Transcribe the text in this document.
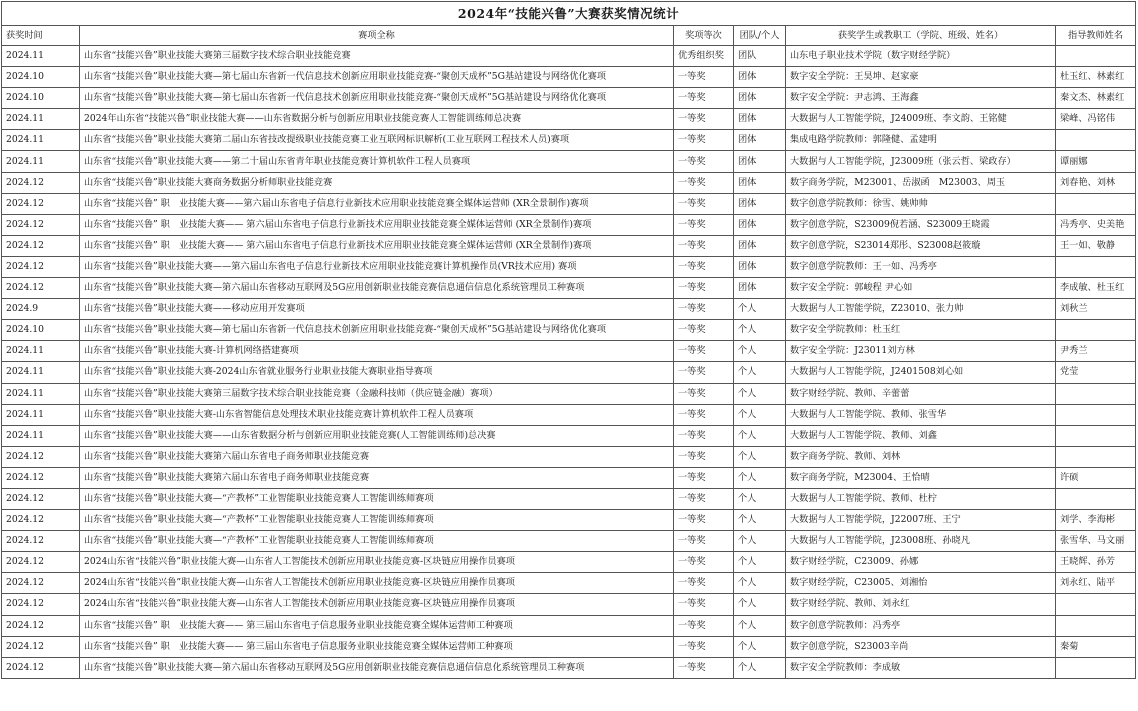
2024年“技能兴鲁”大赛获奖情况统计					
获奖时间	赛项全称	奖项等次	团队/个人	获奖学生或教职工（学院、班级、姓名）	指导教师姓名
2024.11	山东省“技能兴鲁”职业技能大赛第三届数字技术综合职业技能竞赛	优秀组织奖	团队	山东电子职业技术学院（数字财经学院）	
2024.10	山东省“技能兴鲁”职业技能大赛—第七届山东省新一代信息技术创新应用职业技能竞赛-“聚创天成杯”5G基站建设与网络优化赛项	一等奖	团体	数字安全学院：王昊坤、赵家豪	杜玉红、林素红
2024.10	山东省“技能兴鲁”职业技能大赛—第七届山东省新一代信息技术创新应用职业技能竞赛-“聚创天成杯”5G基站建设与网络优化赛项	一等奖	团体	数字安全学院：尹志鸿、王海鑫	秦文杰、林素红
2024.11	2024年山东省“技能兴鲁”职业技能大赛——山东省数据分析与创新应用职业技能竞赛人工智能训练师总决赛	一等奖	团体	大数据与人工智能学院，J24009班、李文韵、王铭健	梁峰、冯铭伟
2024.11	山东省“技能兴鲁”职业技能大赛第二届山东省技改提级职业技能竞赛工业互联网标识解析(工业互联网工程技术人员)赛项	一等奖	团体	集成电路学院教师：郭隆健、孟建明	
2024.11	山东省“技能兴鲁”职业技能大赛——第二十届山东省青年职业技能竞赛计算机软件工程人员赛项	一等奖	团体	大数据与人工智能学院，J23009班（张云哲、梁政存）	谭丽娜
2024.12	山东省“技能兴鲁”职业技能大赛商务数据分析师职业技能竞赛	一等奖	团体	数字商务学院，M23001、岳淑函　M23003、周玉	刘春艳、刘林
2024.12	山东省“技能兴鲁” 职　业技能大赛——第六届山东省电子信息行业新技术应用职业技能竞赛全媒体运营师 (XR全景制作)赛项	一等奖	团体	数字创意学院教师：徐雪、姚帅帅	
2024.12	山东省“技能兴鲁” 职　业技能大赛—— 第六届山东省电子信息行业新技术应用职业技能竞赛全媒体运营师 (XR全景制作)赛项	一等奖	团体	数字创意学院，S23009倪若涵、S23009王晓霞	冯秀亭、史美艳
2024.12	山东省“技能兴鲁” 职　业技能大赛—— 第六届山东省电子信息行业新技术应用职业技能竞赛全媒体运营师 (XR全景制作)赛项	一等奖	团体	数字创意学院，S23014郑彤、S23008赵筱璇	王一如、敬静
2024.12	山东省“技能兴鲁”职业技能大赛——第六届山东省电子信息行业新技术应用职业技能竞赛计算机操作员(VR技术应用) 赛项	一等奖	团体	数字创意学院教师：王一如、冯秀亭	
2024.12	山东省“技能兴鲁”职业技能大赛—第六届山东省移动互联网及5G应用创新职业技能竞赛信息通信信息化系统管理员工种赛项	一等奖	团体	数字安全学院：郭峻程 尹心如	李成敏、杜玉红
2024.9	山东省“技能兴鲁”职业技能大赛——移动应用开发赛项	一等奖	个人	大数据与人工智能学院，Z23010、张力帅	刘秋兰
2024.10	山东省“技能兴鲁”职业技能大赛—第七届山东省新一代信息技术创新应用职业技能竞赛-“聚创天成杯”5G基站建设与网络优化赛项	一等奖	个人	数字安全学院教师：杜玉红	
2024.11	山东省“技能兴鲁”职业技能大赛-计算机网络搭建赛项	一等奖	个人	数字安全学院：J23011刘方林	尹秀兰
2024.11	山东省“技能兴鲁”职业技能大赛-2024山东省就业服务行业职业技能大赛职业指导赛项	一等奖	个人	大数据与人工智能学院，J2401508刘心如	党莹
2024.11	山东省“技能兴鲁”职业技能大赛第三届数字技术综合职业技能竞赛（金融科技师（供应链金融）赛项）	一等奖	个人	数字财经学院、教师、辛蕾蕾	
2024.11	山东省“技能兴鲁”职业技能大赛-山东省智能信息处理技术职业技能竞赛计算机软件工程人员赛项	一等奖	个人	大数据与人工智能学院、教师、张雪华	
2024.11	山东省“技能兴鲁”职业技能大赛——山东省数据分析与创新应用职业技能竞赛(人工智能训练师)总决赛	一等奖	个人	大数据与人工智能学院、教师、刘鑫	
2024.12	山东省“技能兴鲁”职业技能大赛第六届山东省电子商务师职业技能竞赛	一等奖	个人	数字商务学院、教师、刘林	
2024.12	山东省“技能兴鲁”职业技能大赛第六届山东省电子商务师职业技能竞赛	一等奖	个人	数字商务学院，M23004、王恰晴	许硕
2024.12	山东省“技能兴鲁”职业技能大赛—“产教杯”工业智能职业技能竞赛人工智能训练师赛项	一等奖	个人	大数据与人工智能学院、教师、杜柠	
2024.12	山东省“技能兴鲁”职业技能大赛—“产教杯”工业智能职业技能竞赛人工智能训练师赛项	一等奖	个人	大数据与人工智能学院，J22007班、王宁	刘学、李海彬
2024.12	山东省“技能兴鲁”职业技能大赛—“产教杯”工业智能职业技能竞赛人工智能训练师赛项	一等奖	个人	大数据与人工智能学院，J23008班、孙晓凡	张雪华、马文丽
2024.12	2024山东省“技能兴鲁”职业技能大赛—山东省人工智能技术创新应用职业技能竞赛-区块链应用操作员赛项	一等奖	个人	数字财经学院，C23009、孙娜	王晓辉、孙芳
2024.12	2024山东省“技能兴鲁”职业技能大赛—山东省人工智能技术创新应用职业技能竞赛-区块链应用操作员赛项	一等奖	个人	数字财经学院，C23005、刘湘怡	刘永红、陆平
2024.12	2024山东省“技能兴鲁”职业技能大赛—山东省人工智能技术创新应用职业技能竞赛-区块链应用操作员赛项	一等奖	个人	数字财经学院、教师、刘永红	
2024.12	山东省“技能兴鲁” 职　业技能大赛—— 第三届山东省电子信息服务业职业技能竞赛全媒体运营师工种赛项	一等奖	个人	数字创意学院教师：冯秀亭	
2024.12	山东省“技能兴鲁” 职　业技能大赛—— 第三届山东省电子信息服务业职业技能竞赛全媒体运营师工种赛项	一等奖	个人	数字创意学院，S23003辛尚	秦菊
2024.12	山东省“技能兴鲁”职业技能大赛—第六届山东省移动互联网及5G应用创新职业技能竞赛信息通信信息化系统管理员工种赛项	一等奖	个人	数字安全学院教师：李成敏	
